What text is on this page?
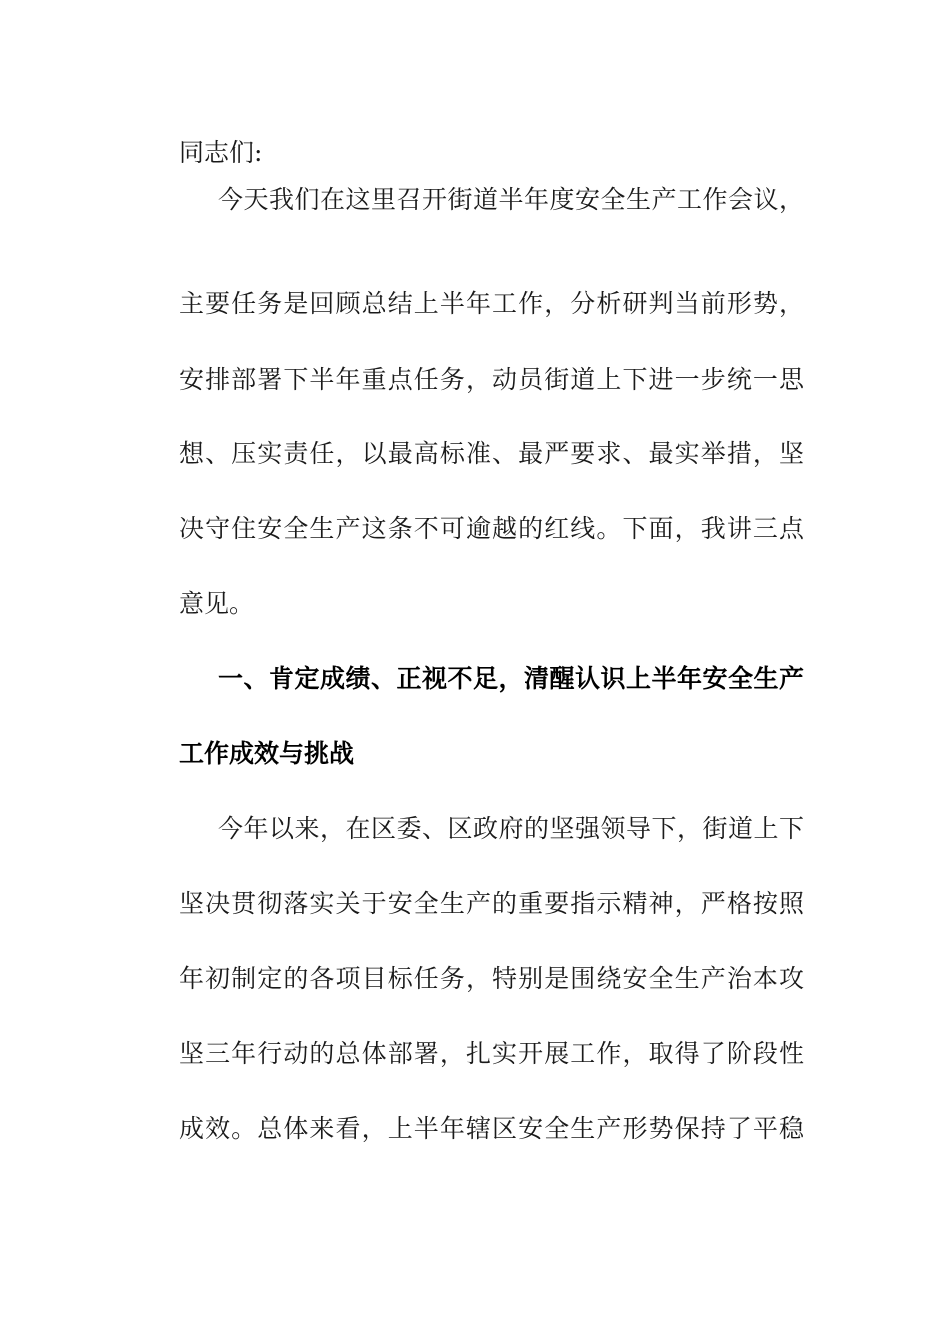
同志们:
今天我们在这里召开街道半年度安全生产工作会议，
主要任务是回顾总结上半年工作，分析研判当前形势，
安排部署下半年重点任务，动员街道上下进一步统一思
想、压实责任，以最高标准、最严要求、最实举措，坚
决守住安全生产这条不可逾越的红线。下面，我讲三点
意见。
一、肯定成绩、正视不足，清醒认识上半年安全生产
工作成效与挑战
今年以来，在区委、区政府的坚强领导下，街道上下
坚决贯彻落实关于安全生产的重要指示精神，严格按照
年初制定的各项目标任务，特别是围绕安全生产治本攻
坚三年行动的总体部署，扎实开展工作，取得了阶段性
成效。总体来看，上半年辖区安全生产形势保持了平稳
